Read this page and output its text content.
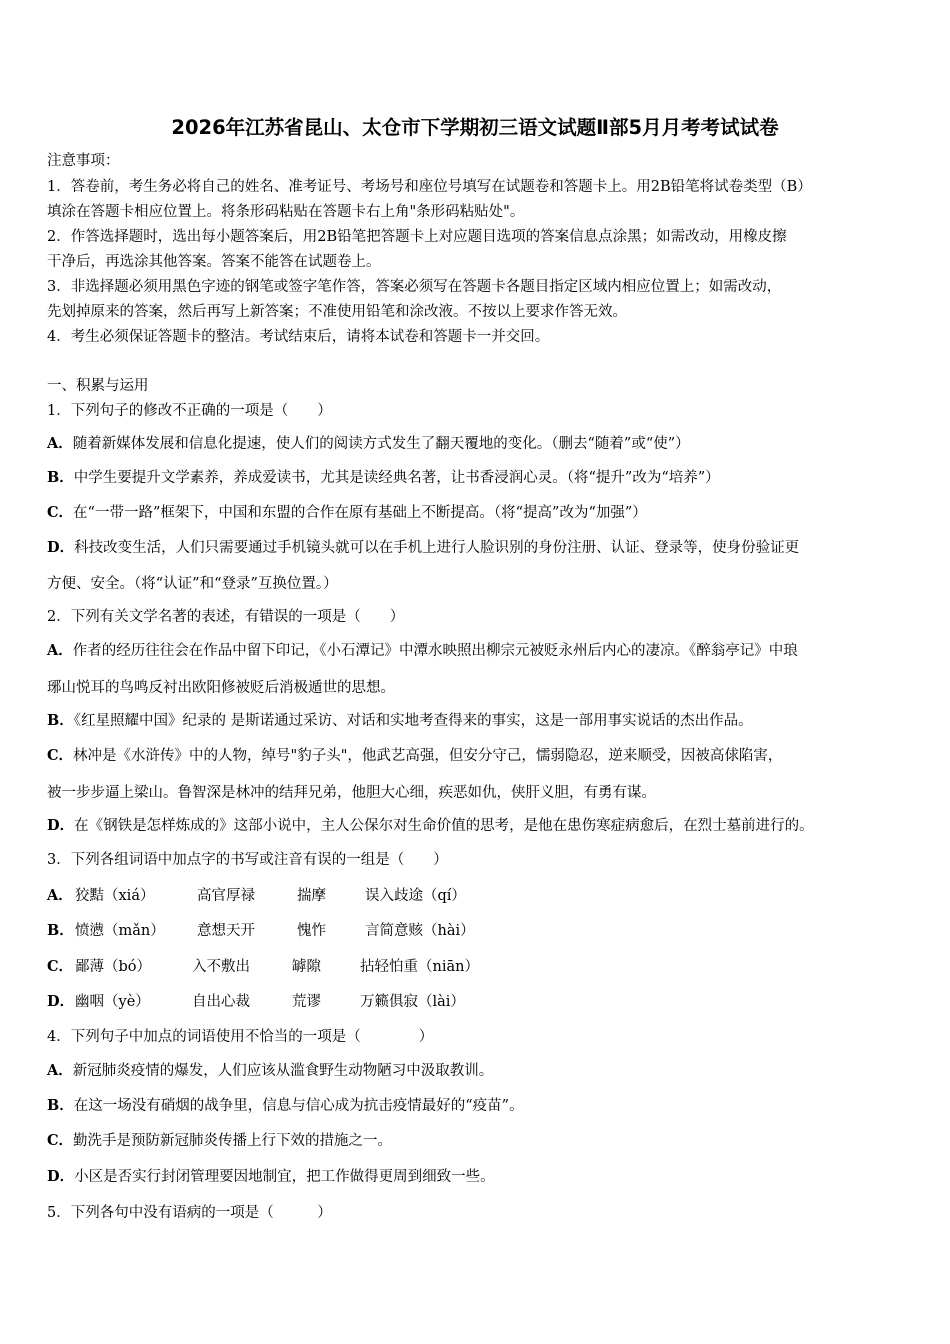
2026年江苏省昆山、太仓市下学期初三语文试题Ⅱ部5月月考考试试卷
注意事项：
1．答卷前，考生务必将自己的姓名、准考证号、考场号和座位号填写在试题卷和答题卡上。用2B铅笔将试卷类型（B）
填涂在答题卡相应位置上。将条形码粘贴在答题卡右上角"条形码粘贴处"。
2．作答选择题时，选出每小题答案后，用2B铅笔把答题卡上对应题目选项的答案信息点涂黑；如需改动，用橡皮擦
干净后，再选涂其他答案。答案不能答在试题卷上。
3．非选择题必须用黑色字迹的钢笔或签字笔作答，答案必须写在答题卡各题目指定区域内相应位置上；如需改动，
先划掉原来的答案，然后再写上新答案；不准使用铅笔和涂改液。不按以上要求作答无效。
4．考生必须保证答题卡的整洁。考试结束后，请将本试卷和答题卡一并交回。
一、积累与运用
1．下列句子的修改不正确的一项是（　　）
A．随着新媒体发展和信息化提速，使人们的阅读方式发生了翻天覆地的变化。（删去“随着”或“使”）
B．中学生要提升文学素养，养成爱读书，尤其是读经典名著，让书香浸润心灵。（将“提升”改为“培养”）
C．在“一带一路”框架下，中国和东盟的合作在原有基础上不断提高。（将“提高”改为“加强”）
D．科技改变生活，人们只需要通过手机镜头就可以在手机上进行人脸识别的身份注册、认证、登录等，使身份验证更
方便、安全。（将“认证”和“登录”互换位置。）
2．下列有关文学名著的表述，有错误的一项是（　　）
A．作者的经历往往会在作品中留下印记，《小石潭记》中潭水映照出柳宗元被贬永州后内心的凄凉。《醉翁亭记》中琅
琊山悦耳的鸟鸣反衬出欧阳修被贬后消极遁世的思想。
B．《红星照耀中国》纪录的 是斯诺通过采访、对话和实地考查得来的事实，这是一部用事实说话的杰出作品。
C．林冲是《水浒传》中的人物，绰号"豹子头"，他武艺高强，但安分守己，懦弱隐忍，逆来顺受，因被高俅陷害，
被一步步逼上梁山。鲁智深是林冲的结拜兄弟，他胆大心细，疾恶如仇，侠肝义胆，有勇有谋。
D．在《钢铁是怎样炼成的》这部小说中，主人公保尔对生命价值的思考，是他在患伤寒症病愈后，在烈士墓前进行的。
3．下列各组词语中加点字的书写或注音有误的一组是（　　）
A． 狡黠（xiá）	高官厚禄	揣摩	误入歧途（qí）
B． 愤懑（mǎn） 意想天开	愧怍	言简意赅（hài）
C． 鄙薄（bó）	入不敷出	罅隙	拈轻怕重（niān）
D． 幽咽（yè）	自出心裁	荒谬	万籁俱寂（lài）
4．下列句子中加点的词语使用不恰当的一项是（　　　　）
A．新冠肺炎疫情的爆发，人们应该从滥食野生动物陋习中汲取教训。
B．在这一场没有硝烟的战争里，信息与信心成为抗击疫情最好的“疫苗”。
C．勤洗手是预防新冠肺炎传播上行下效的措施之一。
D．小区是否实行封闭管理要因地制宜，把工作做得更周到细致一些。
5．下列各句中没有语病的一项是（　　　）
